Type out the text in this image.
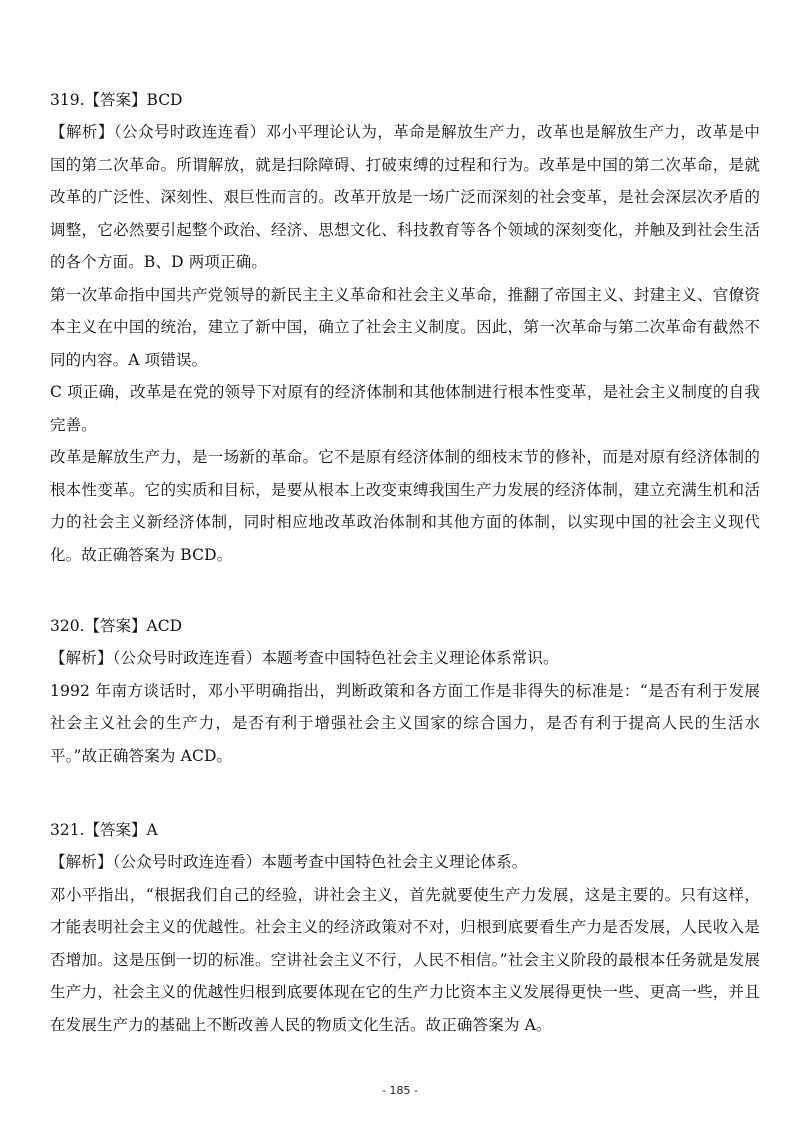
319.【答案】BCD

【解析】（公众号时政连连看）邓小平理论认为，革命是解放生产力，改革也是解放生产力，改革是中国的第二次革命。所谓解放，就是扫除障碍、打破束缚的过程和行为。改革是中国的第二次革命，是就改革的广泛性、深刻性、艰巨性而言的。改革开放是一场广泛而深刻的社会变革，是社会深层次矛盾的调整，它必然要引起整个政治、经济、思想文化、科技教育等各个领域的深刻变化，并触及到社会生活的各个方面。B、D 两项正确。

第一次革命指中国共产党领导的新民主主义革命和社会主义革命，推翻了帝国主义、封建主义、官僚资本主义在中国的统治，建立了新中国，确立了社会主义制度。因此，第一次革命与第二次革命有截然不同的内容。A 项错误。

C 项正确，改革是在党的领导下对原有的经济体制和其他体制进行根本性变革，是社会主义制度的自我完善。

改革是解放生产力，是一场新的革命。它不是原有经济体制的细枝末节的修补，而是对原有经济体制的根本性变革。它的实质和目标，是要从根本上改变束缚我国生产力发展的经济体制，建立充满生机和活力的社会主义新经济体制，同时相应地改革政治体制和其他方面的体制，以实现中国的社会主义现代化。故正确答案为 BCD。

320.【答案】ACD

【解析】（公众号时政连连看）本题考查中国特色社会主义理论体系常识。

1992 年南方谈话时，邓小平明确指出，判断政策和各方面工作是非得失的标准是：“是否有利于发展社会主义社会的生产力，是否有利于增强社会主义国家的综合国力，是否有利于提高人民的生活水平。”故正确答案为 ACD。

321.【答案】A

【解析】（公众号时政连连看）本题考查中国特色社会主义理论体系。

邓小平指出，“根据我们自己的经验，讲社会主义，首先就要使生产力发展，这是主要的。只有这样，才能表明社会主义的优越性。社会主义的经济政策对不对，归根到底要看生产力是否发展，人民收入是否增加。这是压倒一切的标准。空讲社会主义不行，人民不相信。”社会主义阶段的最根本任务就是发展生产力，社会主义的优越性归根到底要体现在它的生产力比资本主义发展得更快一些、更高一些，并且在发展生产力的基础上不断改善人民的物质文化生活。故正确答案为 A。

- 185 -
